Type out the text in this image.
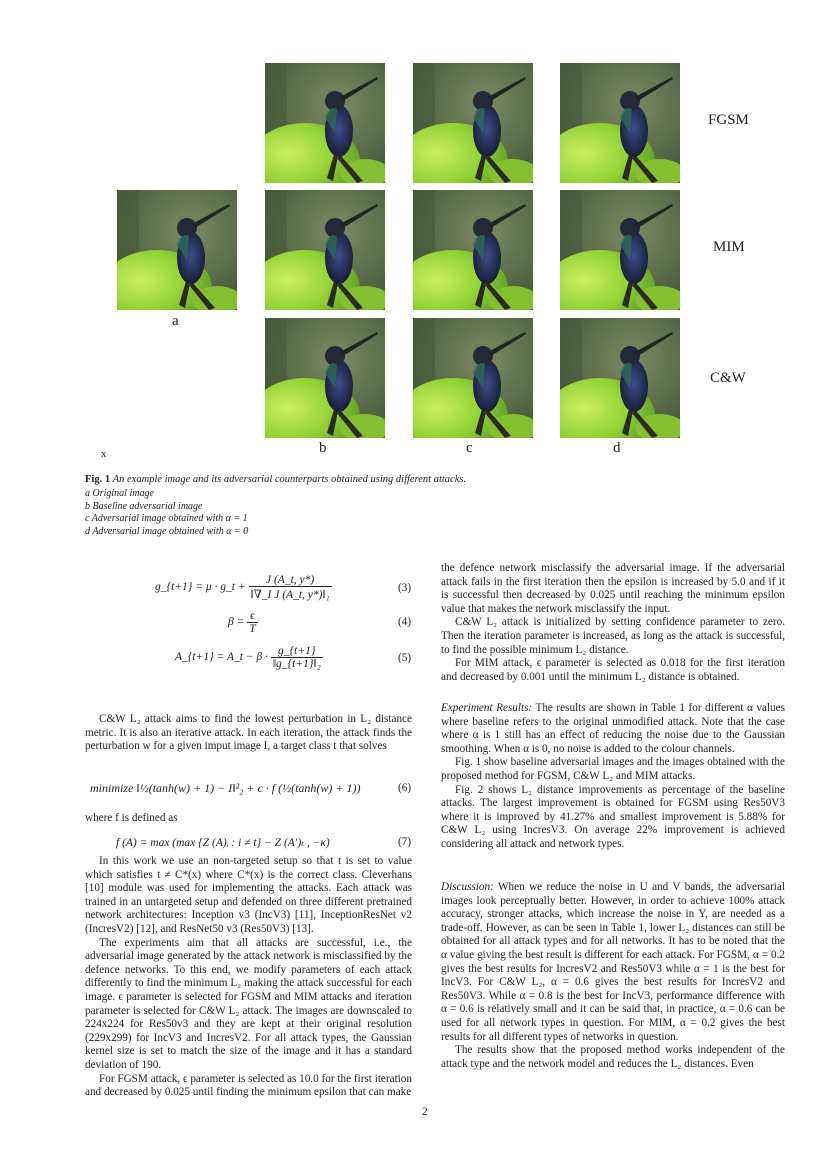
FGSM
MIM
C&W
a
b	c	d
x
Fig. 1 An example image and its adversarial counterparts obtained using different attacks.
a Original image
b Baseline adversarial image
c Adversarial image obtained with α = 1
d Adversarial image obtained with α = 0
g_{t+1} = μ · g_t + $\frac{J (A\_t, y*)}{\text{‖∇\_I J (A\_t, y*)‖₁}}$	(3)
$\beta = \frac{\epsilon}{T}$	(4)
A_{t+1} = A_t − $\beta \cdot \frac{g\_\{t+1\}}{\text{‖g\_\{t+1\}‖₂}}$	(5)

C&W L₂ attack aims to find the lowest perturbation in L₂ distance metric. It is also an iterative attack. In each iteration, the attack finds the perturbation w for a given imput image I, a target class t that solves

minimize ‖½(tanh(w) + 1) − I‖²₂ + c · f (½(tanh(w) + 1))	(6)

where f is defined as

f (A) = max (max {Z (A)ᵢ : i ≠ t} − Z (A′)ₜ , −κ)	(7)

In this work we use an non-targeted setup so that t is set to value which satisfies t ≠ C*(x) where C*(x) is the correct class. Cleverhans [10] module was used for implementing the attacks. Each attack was trained in an untargeted setup and defended on three different pretrained network architectures: Inception v3 (IncV3) [11], InceptionResNet v2 (IncresV2) [12], and ResNet50 v3 (Res50V3) [13].

The experiments aim that all attacks are successful, i.e., the adversarial image generated by the attack network is misclassified by the defence networks. To this end, we modify parameters of each attack differently to find the minimum L₂ making the attack successful for each image. ϵ parameter is selected for FGSM and MIM attacks and iteration parameter is selected for C&W L₂ attack. The images are downscaled to 224x224 for Res50v3 and they are kept at their original resolution (229x299) for IncV3 and IncresV2. For all attack types, the Gaussian kernel size is set to match the size of the image and it has a standard deviation of 190.

For FGSM attack, ϵ parameter is selected as 10.0 for the first iteration and decreased by 0.025 until finding the minimum epsilon that can make

the defence network misclassify the adversarial image. If the adversarial attack fails in the first iteration then the epsilon is increased by 5.0 and if it is successful then decreased by 0.025 until reaching the minimum epsilon value that makes the network misclassify the input.

C&W L₂ attack is initialized by setting confidence parameter to zero. Then the iteration parameter is increased, as long as the attack is successful, to find the possible minimum L₂ distance.

For MIM attack, ϵ parameter is selected as 0.018 for the first iteration and decreased by 0.001 until the minimum L₂ distance is obtained.

Experiment Results: The results are shown in Table 1 for different α values where baseline refers to the original unmodified attack. Note that the case where α is 1 still has an effect of reducing the noise due to the Gaussian smoothing. When α is 0, no noise is added to the colour channels.

Fig. 1 show baseline adversarial images and the images obtained with the proposed method for FGSM, C&W L₂ and MIM attacks.

Fig. 2 shows L₂ distance improvements as percentage of the baseline attacks. The largest improvement is obtained for FGSM using Res50V3 where it is improved by 41.27% and smallest improvement is 5.88% for C&W L₂ using IncresV3. On average 22% improvement is achieved considering all attack and network types.

Discussion: When we reduce the noise in U and V bands, the adversarial images look perceptually better. However, in order to achieve 100% attack accuracy, stronger attacks, which increase the noise in Y, are needed as a trade-off. However, as can be seen in Table 1, lower L₂ distances can still be obtained for all attack types and for all networks. It has to be noted that the α value giving the best result is different for each attack. For FGSM, α = 0.2 gives the best results for IncresV2 and Res50V3 while α = 1 is the best for IncV3. For C&W L₂, α = 0.6 gives the best results for IncresV2 and Res50V3. While α = 0.8 is the best for IncV3, performance difference with α = 0.6 is relatively small and it can be said that, in practice, α = 0.6 can be used for all network types in question. For MIM, α = 0.2 gives the best results for all different types of networks in question.

The results show that the proposed method works independent of the attack type and the network model and reduces the L₂ distances. Even

2
